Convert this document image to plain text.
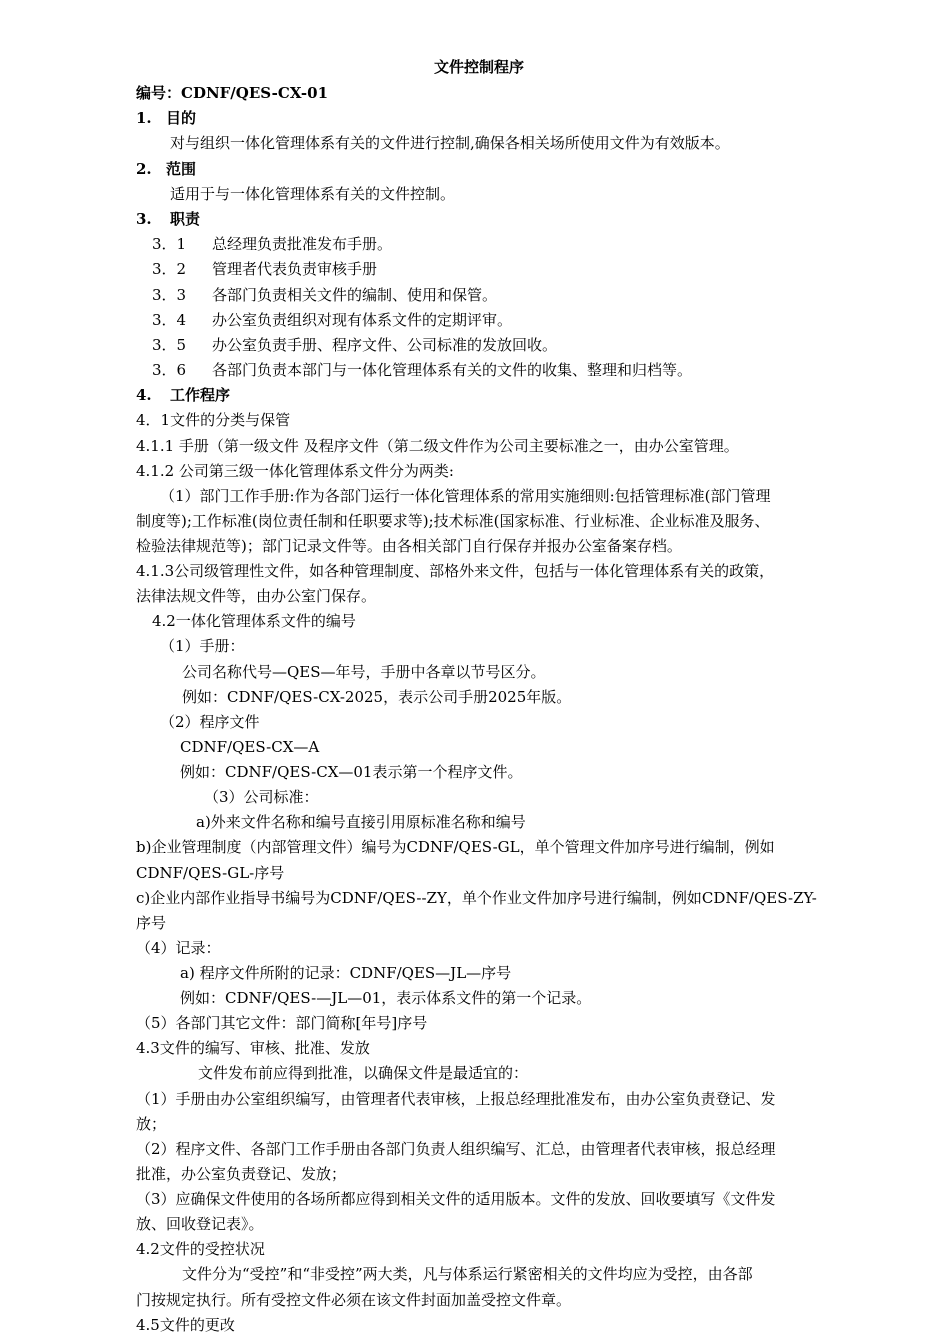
文件控制程序
编号：CDNF/QES-CX-01
1. 目的
对与组织一体化管理体系有关的文件进行控制,确保各相关场所使用文件为有效版本。
2. 范围
适用于与一体化管理体系有关的文件控制。
3. 职责
3．1 总经理负责批准发布手册。
3．2 管理者代表负责审核手册
3．3 各部门负责相关文件的编制、使用和保管。
3．4 办公室负责组织对现有体系文件的定期评审。
3．5 办公室负责手册、程序文件、公司标准的发放回收。
3．6 各部门负责本部门与一体化管理体系有关的文件的收集、整理和归档等。
4. 工作程序
4．1文件的分类与保管
4.1.1 手册（第一级文件 及程序文件（第二级文件作为公司主要标准之一，由办公室管理。
4.1.2 公司第三级一体化管理体系文件分为两类:
（1）部门工作手册:作为各部门运行一体化管理体系的常用实施细则:包括管理标准(部门管理
制度等);工作标准(岗位责任制和任职要求等);技术标准(国家标准、行业标准、企业标准及服务、
检验法律规范等)；部门记录文件等。由各相关部门自行保存并报办公室备案存档。
4.1.3公司级管理性文件，如各种管理制度、部格外来文件，包括与一体化管理体系有关的政策，
法律法规文件等，由办公室门保存。
4.2一体化管理体系文件的编号
（1）手册：
公司名称代号—QES—年号，手册中各章以节号区分。
例如：CDNF/QES-CX-2025，表示公司手册2025年版。
（2）程序文件
CDNF/QES-CX—A
例如：CDNF/QES-CX—01表示第一个程序文件。
（3）公司标准：
a)外来文件名称和编号直接引用原标准名称和编号
b)企业管理制度（内部管理文件）编号为CDNF/QES-GL，单个管理文件加序号进行编制，例如
CDNF/QES-GL-序号
c)企业内部作业指导书编号为CDNF/QES--ZY，单个作业文件加序号进行编制，例如CDNF/QES-ZY-
序号
（4）记录：
a) 程序文件所附的记录：CDNF/QES—JL—序号
例如：CDNF/QES-—JL—01，表示体系文件的第一个记录。
（5）各部门其它文件：部门简称[年号]序号
4.3文件的编写、审核、批准、发放
文件发布前应得到批准，以确保文件是最适宜的：
（1）手册由办公室组织编写，由管理者代表审核，上报总经理批准发布，由办公室负责登记、发
放；
（2）程序文件、各部门工作手册由各部门负责人组织编写、汇总，由管理者代表审核，报总经理
批准，办公室负责登记、发放；
（3）应确保文件使用的各场所都应得到相关文件的适用版本。文件的发放、回收要填写《文件发
放、回收登记表》。
4.2文件的受控状况
文件分为“受控”和“非受控”两大类，凡与体系运行紧密相关的文件均应为受控，由各部
门按规定执行。所有受控文件必须在该文件封面加盖受控文件章。
4.5文件的更改
